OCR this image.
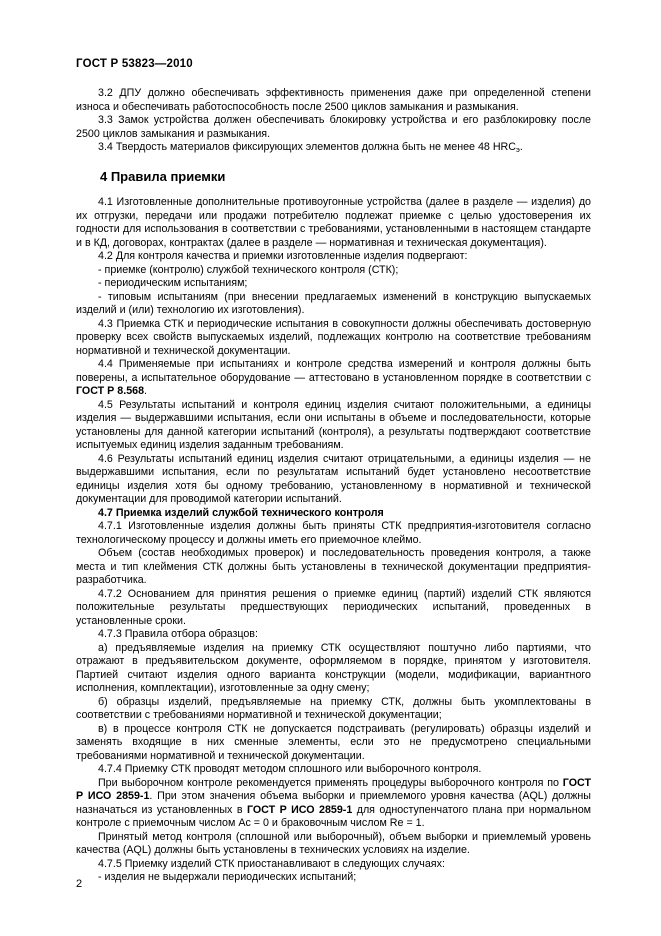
ГОСТ Р 53823—2010

3.2 ДПУ должно обеспечивать эффективность применения даже при определенной степени износа и обеспечивать работоспособность после 2500 циклов замыкания и размыкания.

3.3 Замок устройства должен обеспечивать блокировку устройства и его разблокировку после 2500 циклов замыкания и размыкания.

3.4 Твердость материалов фиксирующих элементов должна быть не менее 48 $HRC_э$.

4 Правила приемки

4.1 Изготовленные дополнительные противоугонные устройства (далее в разделе — изделия) до их отгрузки, передачи или продажи потребителю подлежат приемке с целью удостоверения их годности для использования в соответствии с требованиями, установленными в настоящем стандарте и в КД, договорах, контрактах (далее в разделе — нормативная и техническая документация).

4.2 Для контроля качества и приемки изготовленные изделия подвергают:

- приемке (контролю) службой технического контроля (СТК);

- периодическим испытаниям;

- типовым испытаниям (при внесении предлагаемых изменений в конструкцию выпускаемых изделий и (или) технологию их изготовления).

4.3 Приемка СТК и периодические испытания в совокупности должны обеспечивать достоверную проверку всех свойств выпускаемых изделий, подлежащих контролю на соответствие требованиям нормативной и технической документации.

4.4 Применяемые при испытаниях и контроле средства измерений и контроля должны быть поверены, а испытательное оборудование — аттестовано в установленном порядке в соответствии с ГОСТ Р 8.568.

4.5 Результаты испытаний и контроля единиц изделия считают положительными, а единицы изделия — выдержавшими испытания, если они испытаны в объеме и последовательности, которые установлены для данной категории испытаний (контроля), а результаты подтверждают соответствие испытуемых единиц изделия заданным требованиям.

4.6 Результаты испытаний единиц изделия считают отрицательными, а единицы изделия — не выдержавшими испытания, если по результатам испытаний будет установлено несоответствие единицы изделия хотя бы одному требованию, установленному в нормативной и технической документации для проводимой категории испытаний.

4.7 Приемка изделий службой технического контроля

4.7.1 Изготовленные изделия должны быть приняты СТК предприятия-изготовителя согласно технологическому процессу и должны иметь его приемочное клеймо.

Объем (состав необходимых проверок) и последовательность проведения контроля, а также места и тип клеймения СТК должны быть установлены в технической документации предприятия-разработчика.

4.7.2 Основанием для принятия решения о приемке единиц (партий) изделий СТК являются положительные результаты предшествующих периодических испытаний, проведенных в установленные сроки.

4.7.3 Правила отбора образцов:

а) предъявляемые изделия на приемку СТК осуществляют поштучно либо партиями, что отражают в предъявительском документе, оформляемом в порядке, принятом у изготовителя. Партией считают изделия одного варианта конструкции (модели, модификации, вариантного исполнения, комплектации), изготовленные за одну смену;

б) образцы изделий, предъявляемые на приемку СТК, должны быть укомплектованы в соответствии с требованиями нормативной и технической документации;

в) в процессе контроля СТК не допускается подстраивать (регулировать) образцы изделий и заменять входящие в них сменные элементы, если это не предусмотрено специальными требованиями нормативной и технической документации.

4.7.4 Приемку СТК проводят методом сплошного или выборочного контроля.

При выборочном контроле рекомендуется применять процедуры выборочного контроля по ГОСТ Р ИСО 2859-1. При этом значения объема выборки и приемлемого уровня качества (AQL) должны назначаться из установленных в ГОСТ Р ИСО 2859-1 для одноступенчатого плана при нормальном контроле с приемочным числом Ac = 0 и браковочным числом Re = 1.

Принятый метод контроля (сплошной или выборочный), объем выборки и приемлемый уровень качества (AQL) должны быть установлены в технических условиях на изделие.

4.7.5 Приемку изделий СТК приостанавливают в следующих случаях:

- изделия не выдержали периодических испытаний;

2
